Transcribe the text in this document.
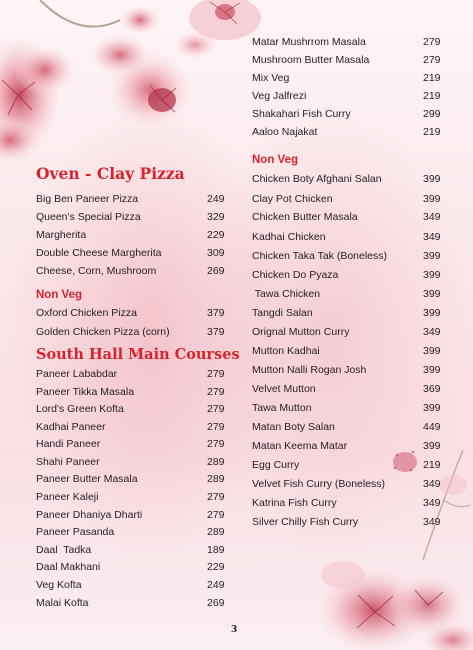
Oven - Clay Pizza
Big Ben Paneer Pizza	249
Queen's Special Pizza	329
Margherita	229
Double Cheese Margherita	309
Cheese, Corn, Mushroom	269
Non Veg
Oxford Chicken Pizza	379
Golden Chicken Pizza (corn)	379
South Hall Main Courses
Paneer Lababdar	279
Paneer Tikka Masala	279
Lord's Green Kofta	279
Kadhai Paneer	279
Handi Paneer	279
Shahi Paneer	289
Paneer Butter Masala	289
Paneer Kaleji	279
Paneer Dhaniya Dharti	279
Paneer Pasanda	289
Daal  Tadka	189
Daal Makhani	229
Veg Kofta	249
Malai Kofta	269
Matar Mushrrom Masala	279
Mushroom Butter Masala	279
Mix Veg	219
Veg Jalfrezi	219
Shakahari Fish Curry	299
Aaloo Najakat	219
Non Veg
Chicken Boty Afghani Salan	399
Clay Pot Chicken	399
Chicken Butter Masala	349
Kadhai Chicken	349
Chicken Taka Tak (Boneless)	399
Chicken Do Pyaza	399
Tawa Chicken	399
Tangdi Salan	399
Orignal Mutton Curry	349
Mutton Kadhai	399
Mutton Nalli Rogan Josh	399
Velvet Mutton	369
Tawa Mutton	399
Matan Boty Salan	449
Matan Keema Matar	399
Egg Curry	219
Velvet Fish Curry (Boneless)	349
Katrina Fish Curry	349
Silver Chilly Fish Curry	349
3
